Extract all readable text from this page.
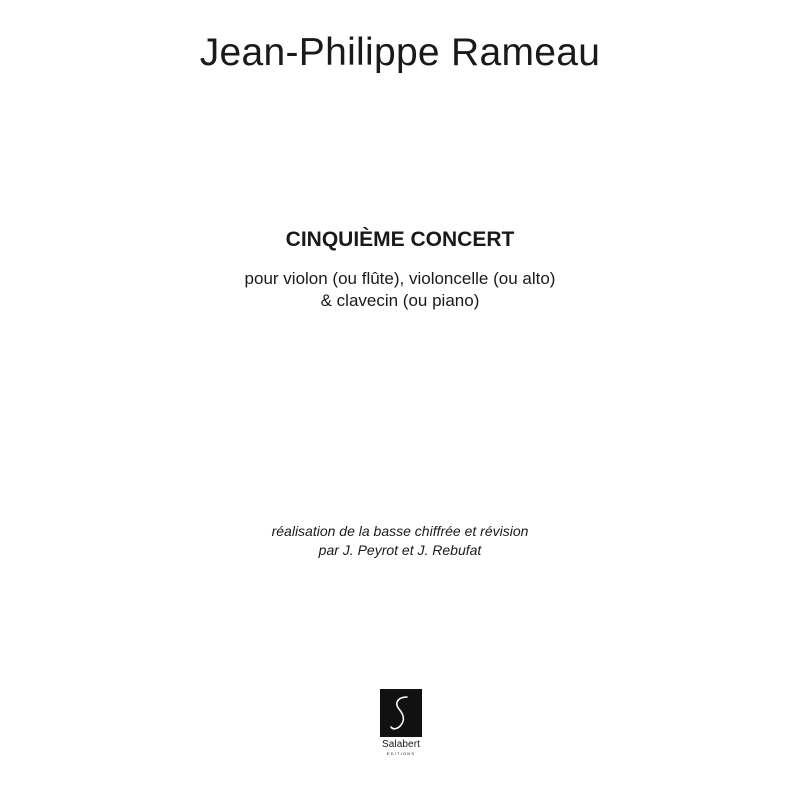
Jean-Philippe Rameau
CINQUIÈME CONCERT
pour violon (ou flûte), violoncelle (ou alto)
& clavecin (ou piano)
réalisation de la basse chiffrée et révision
par J. Peyrot et J. Rebufat
Salabert
EDITIONS
